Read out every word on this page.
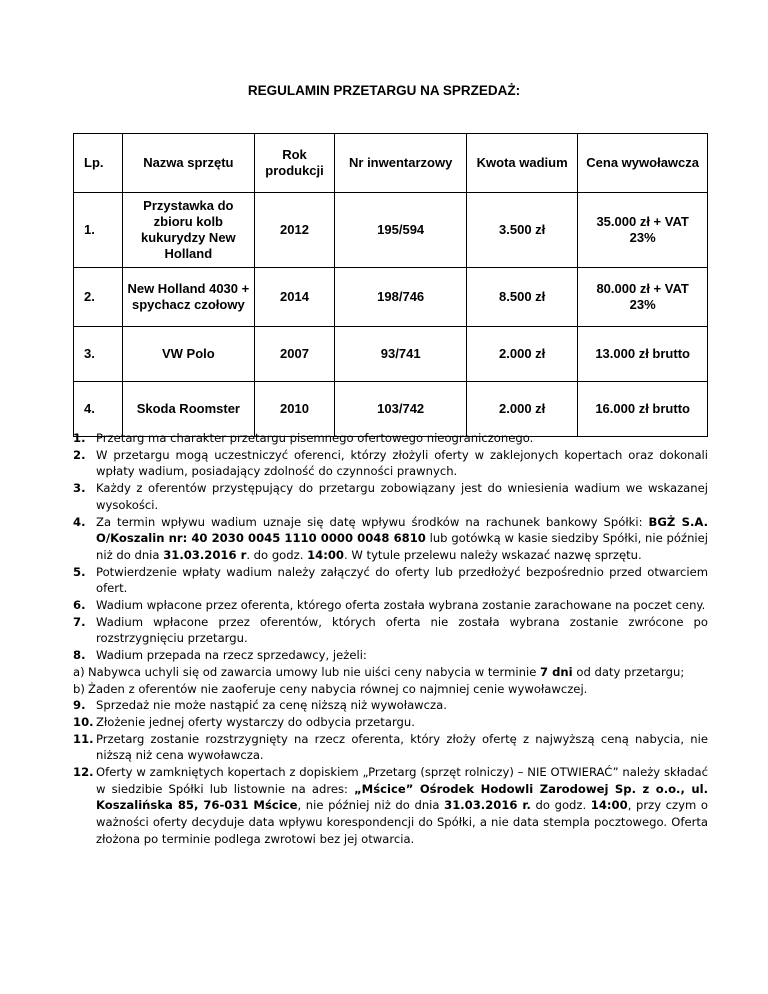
REGULAMIN PRZETARGU NA SPRZEDAŻ:
Lp.	Nazwa sprzętu	Rok produkcji	Nr inwentarzowy	Kwota wadium	Cena wywoławcza
1.	Przystawka do zbioru kolb kukurydzy New Holland	2012	195/594	3.500 zł	35.000 zł + VAT 23%
2.	New Holland 4030 + spychacz czołowy	2014	198/746	8.500 zł	80.000 zł + VAT 23%
3.	VW Polo	2007	93/741	2.000 zł	13.000 zł brutto
4.	Skoda Roomster	2010	103/742	2.000 zł	16.000 zł brutto
1. Przetarg ma charakter przetargu pisemnego ofertowego nieograniczonego.
2. W przetargu mogą uczestniczyć oferenci, którzy złożyli oferty w zaklejonych kopertach oraz dokonali wpłaty wadium, posiadający zdolność do czynności prawnych.
3. Każdy z oferentów przystępujący do przetargu zobowiązany jest do wniesienia wadium we wskazanej wysokości.
4. Za termin wpływu wadium uznaje się datę wpływu środków na rachunek bankowy Spółki: BGŻ S.A. O/Koszalin nr: 40 2030 0045 1110 0000 0048 6810 lub gotówką w kasie siedziby Spółki, nie później niż do dnia 31.03.2016 r. do godz. 14:00. W tytule przelewu należy wskazać nazwę sprzętu.
5. Potwierdzenie wpłaty wadium należy załączyć do oferty lub przedłożyć bezpośrednio przed otwarciem ofert.
6. Wadium wpłacone przez oferenta, którego oferta została wybrana zostanie zarachowane na poczet ceny.
7. Wadium wpłacone przez oferentów, których oferta nie została wybrana zostanie zwrócone po rozstrzygnięciu przetargu.
8. Wadium przepada na rzecz sprzedawcy, jeżeli:
a) Nabywca uchyli się od zawarcia umowy lub nie uiści ceny nabycia w terminie 7 dni od daty przetargu;
b) Żaden z oferentów nie zaoferuje ceny nabycia równej co najmniej cenie wywoławczej.
9. Sprzedaż nie może nastąpić za cenę niższą niż wywoławcza.
10. Złożenie jednej oferty wystarczy do odbycia przetargu.
11. Przetarg zostanie rozstrzygnięty na rzecz oferenta, który złoży ofertę z najwyższą ceną nabycia, nie niższą niż cena wywoławcza.
12. Oferty w zamkniętych kopertach z dopiskiem „Przetarg (sprzęt rolniczy) – NIE OTWIERAĆ” należy składać w siedzibie Spółki lub listownie na adres: „Mścice” Ośrodek Hodowli Zarodowej Sp. z o.o., ul. Koszalińska 85, 76-031 Mścice, nie później niż do dnia 31.03.2016 r. do godz. 14:00, przy czym o ważności oferty decyduje data wpływu korespondencji do Spółki, a nie data stempla pocztowego. Oferta złożona po terminie podlega zwrotowi bez jej otwarcia.
